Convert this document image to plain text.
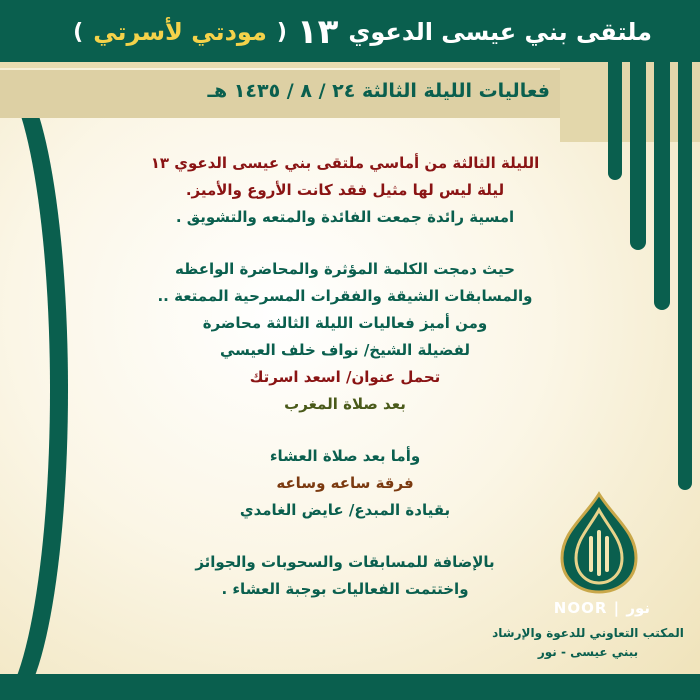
ملتقى بني عيسى الدعوي
١٣
(
مودتي لأسرتي
)
فعاليات الليلة الثالثة ٢٤ / ٨ / ١٤٣٥ هـ

الليلة الثالثة من أماسي ملتقى بني عيسى الدعوي ١٣

ليلة ليس لها مثيل فقد كانت الأروع والأميز.

امسية رائدة جمعت الفائدة والمتعه والتشويق .

حيث دمجت الكلمة المؤثرة والمحاضرة الواعظه

والمسابقات الشيقة والفقرات المسرحية الممتعة ..

ومن أميز فعاليات الليلة الثالثة محاضرة

لفضيلة الشيخ/ نواف خلف العيسي

تحمل عنوان/ اسعد اسرتك

بعد صلاة المغرب

وأما بعد صلاة العشاء

فرقة ساعه وساعه

بقيادة المبدع/ عايض الغامدي

بالإضافة للمسابقات والسحوبات والجوائز

واختتمت الفعاليات بوجبة العشاء .

NOOR | نور
المكتب التعاوني للدعوة والإرشاد
ببني عيسى - نور
